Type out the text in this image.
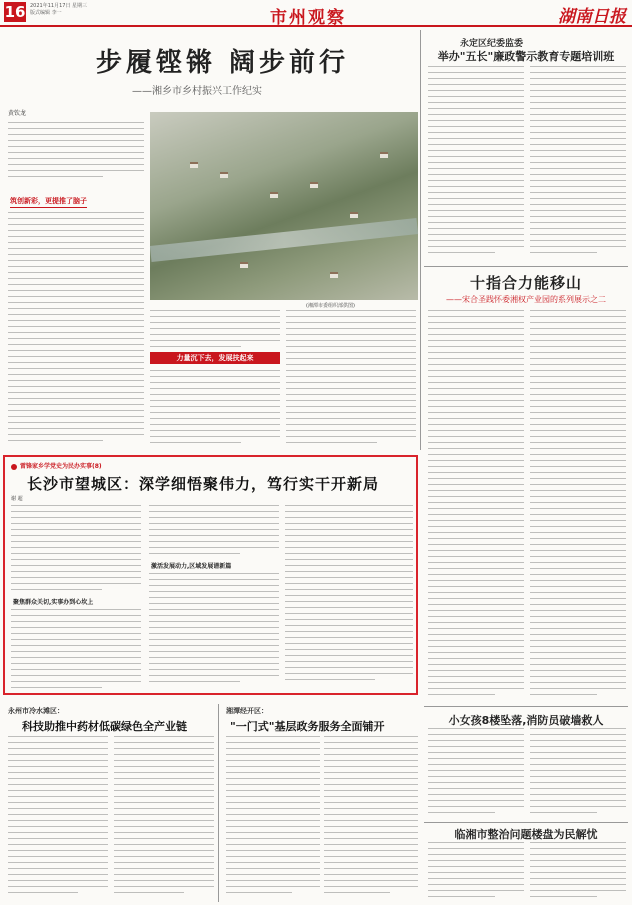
16 2021年11月17日 星期三
版式编辑 李一	市州观察	湖南日报
步履铿锵 阔步前行
——湘乡市乡村振兴工作纪实
黄钦龙
(湘潭市委组织部供图)
筑创新彩，更提推了脑子
力量沉下去，发展扶起来
永定区纪委监委
举办"五长"廉政警示教育专题培训班
十指合力能移山
——宋合圣践怀委湘权产业园的系列展示之二
小女孩8楼坠落,消防员破墙救人
临湘市整治问题楼盘为民解忧
雷锋家乡学党史为民办实事(8)
长沙市望城区：深学细悟聚伟力，笃行实干开新局
谢 超
聚焦群众关切,实事办到心坎上
激活发展动力,区域发展谱新篇
永州市冷水滩区：
科技助推中药材低碳绿色全产业链
湘潭经开区：
"一门式"基层政务服务全面铺开
